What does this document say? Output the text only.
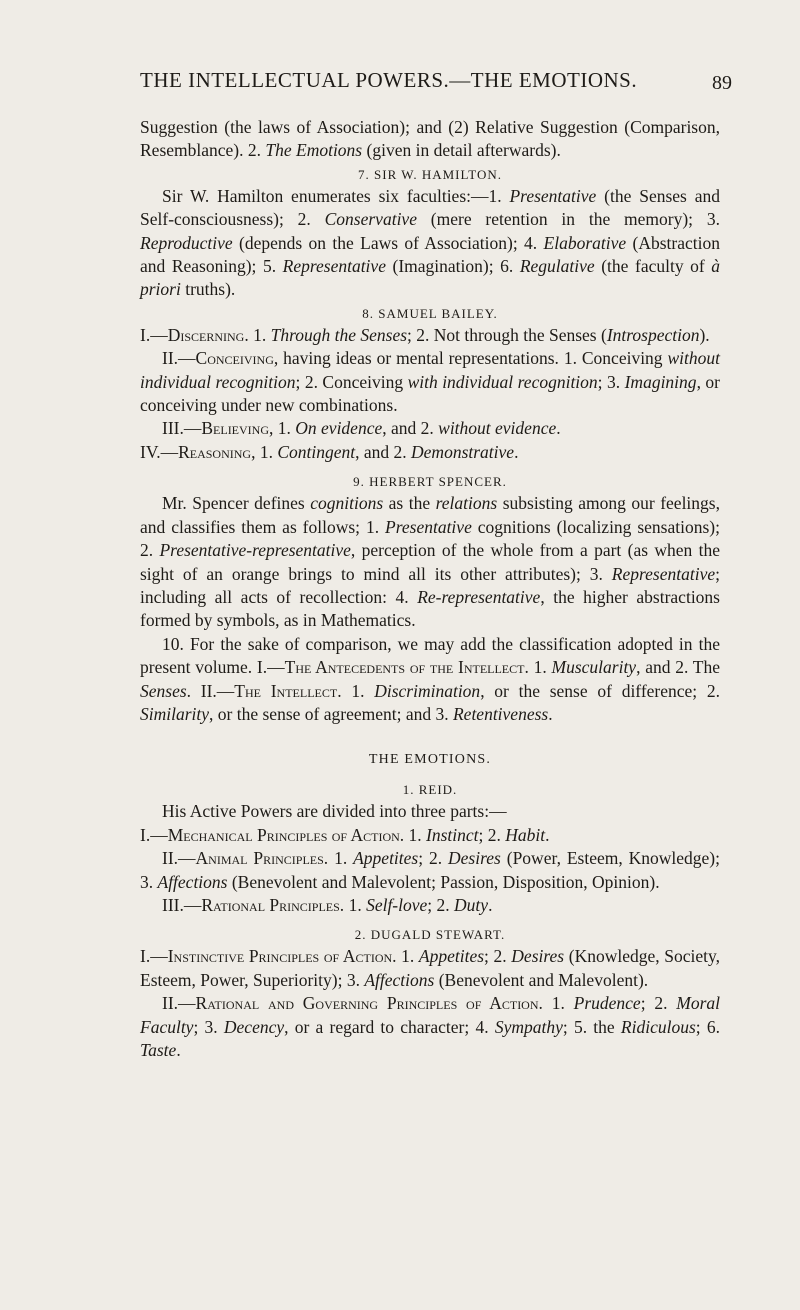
THE INTELLECTUAL POWERS.—THE EMOTIONS.	89

Suggestion (the laws of Association); and (2) Relative Suggestion (Comparison, Resemblance). 2. The Emotions (given in detail afterwards).

7. SIR W. HAMILTON.

Sir W. Hamilton enumerates six faculties:—1. Presentative (the Senses and Self-consciousness); 2. Conservative (mere retention in the memory); 3. Reproductive (depends on the Laws of Association); 4. Elaborative (Abstraction and Reasoning); 5. Representative (Imagination); 6. Regulative (the faculty of à priori truths).

8. SAMUEL BAILEY.

I.—Discerning. 1. Through the Senses; 2. Not through the Senses (Introspection).

II.—Conceiving, having ideas or mental representations. 1. Conceiving without individual recognition; 2. Conceiving with individual recognition; 3. Imagining, or conceiving under new combinations.

III.—Believing, 1. On evidence, and 2. without evidence.

IV.—Reasoning, 1. Contingent, and 2. Demonstrative.

9. HERBERT SPENCER.

Mr. Spencer defines cognitions as the relations subsisting among our feelings, and classifies them as follows; 1. Presentative cognitions (localizing sensations); 2. Presentative-representative, perception of the whole from a part (as when the sight of an orange brings to mind all its other attributes); 3. Representative; including all acts of recollection: 4. Re-representative, the higher abstractions formed by symbols, as in Mathematics.

10. For the sake of comparison, we may add the classification adopted in the present volume. I.—The Antecedents of the Intellect. 1. Muscularity, and 2. The Senses. II.—The Intellect. 1. Discrimination, or the sense of difference; 2. Similarity, or the sense of agreement; and 3. Retentiveness.

THE EMOTIONS.
1. REID.

His Active Powers are divided into three parts:—

I.—Mechanical Principles of Action. 1. Instinct; 2. Habit.

II.—Animal Principles. 1. Appetites; 2. Desires (Power, Esteem, Knowledge); 3. Affections (Benevolent and Malevolent; Passion, Disposition, Opinion).

III.—Rational Principles. 1. Self-love; 2. Duty.

2. DUGALD STEWART.

I.—Instinctive Principles of Action. 1. Appetites; 2. Desires (Knowledge, Society, Esteem, Power, Superiority); 3. Affections (Benevolent and Malevolent).

II.—Rational and Governing Principles of Action. 1. Prudence; 2. Moral Faculty; 3. Decency, or a regard to character; 4. Sympathy; 5. the Ridiculous; 6. Taste.
